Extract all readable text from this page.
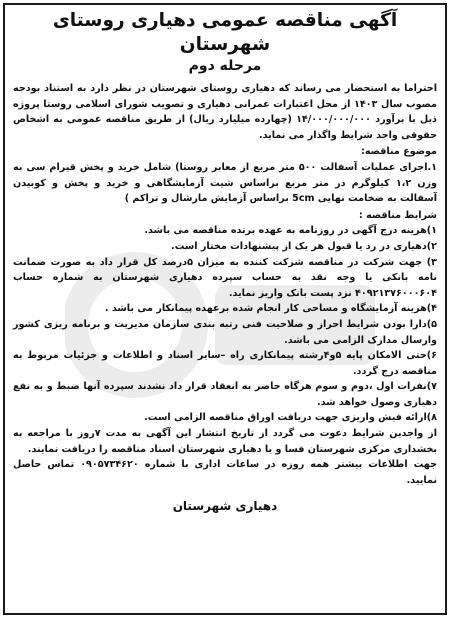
آگهی مناقصه عمومی دهیاری روستای شهرستان

مرحله دوم

احتراما به استحضار می رساند که دهیاری روستای شهرستان در نظر دارد به استناد بودجه مصوب سال ۱۴۰۳ از محل اعتبارات عمرانی دهیاری و تصویب شورای اسلامی روستا پروژه ذیل با برآورد ۱۴/۰۰۰/۰۰۰/۰۰۰ (چهارده میلیارد ریال) از طریق مناقصه عمومی به اشخاص حقوقی واجد شرایط واگذار می نماید.

موضوع مناقصه:

۱.اجرای عملیات آسفالت ۵۰۰ متر مربع از معابر روستا) شامل خرید و پخش قیرام سی به وزن ۱،۲ کیلوگرم در متر مربع براساس شیت آزمایشگاهی و خرید و پخش و کوبیدن آسفالت به ضخامت نهایی 5cm براساس آزمایش مارشال و تراکم )

شرایط مناقصه :

۱)هزینه درج آگهی در روزنامه به عهده برنده مناقصه می باشد.

۲)دهیاری در رد یا قبول هر یک از پیشنهادات مختار است.

۳) جهت شرکت در مناقصه شرکت کننده به میزان ۵درصد کل قرار داد به صورت ضمانت نامه بانکی یا وجه نقد به حساب سپرده دهیاری شهرستان به شماره حساب ۴۰۹۲۱۳۷۶۰۰۰۶۰۴ نزد پست بانک واریز نماید.

۴)هزینه آزمایشگاه و مساحی کار انجام شده برعهده پیمانکار می باشد .

۵)دارا بودن شرایط احراز و صلاحیت فنی رتبه بندی سازمان مدیریت و برنامه ریزی کشور وارسال مدارک الزامی می باشد.

۶)حتی الامکان پایه ۵و۴رشته پیمانکاری راه –سایر اسناد و اطلاعات و جزئیات مربوط به مناقصه درج گردد.

۷)نفرات اول ،دوم و سوم هرگاه حاضر به انعقاد قرار داد نشدند سپرده آنها ضبط و به نفع دهیاری وصول خواهد شد.

۸)ارائه فیش واریزی جهت دریافت اوراق مناقصه الزامی است.

از واجدین شرایط دعوت می گردد از تاریخ انتشار این آگهی به مدت ۷روز با مراجعه به بخشداری مرکزی شهرستان فسا و یا دهیاری شهرستان اسناد مناقصه را دریافت نمایند.

جهت اطلاعات بیشتر همه روزه در ساعات اداری با شماره ۰۹۰۵۷۳۴۶۲۰ تماس حاصل نمایید.

دهیاری شهرستان
